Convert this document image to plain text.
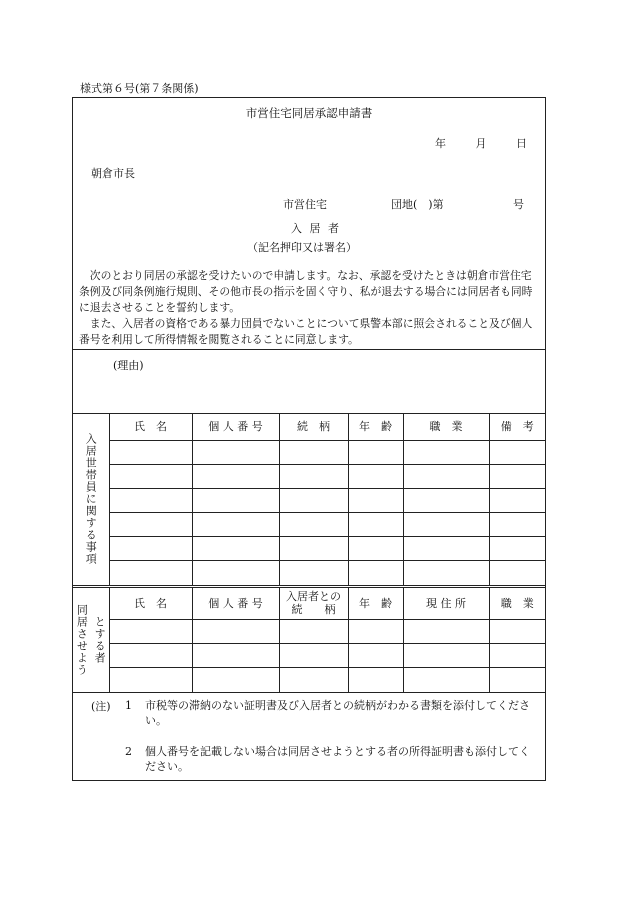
様式第６号(第７条関係)
市営住宅同居承認申請書
年	月	日
朝倉市長
市営住宅	団地(　)第	号
入 居 者
（記名押印又は署名）

次のとおり同居の承認を受けたいので申請します。なお、承認を受けたときは朝倉市営住宅条例及び同条例施行規則、その他市長の指示を固く守り、私が退去する場合には同居者も同時に退去させることを誓約します。

また、入居者の資格である暴力団員でないことについて県警本部に照会されること及び個人番号を利用して所得情報を閲覧されることに同意します。

(理由)
入居世帯員に関する事項	氏　名	個 人 番 号	続　柄	年　齢	職　業	備　考

同居させよう とする者	氏　名	個 人 番 号	入居者との続　　柄	年　齢	現 住 所	職　業

(注) 1 市税等の滞納のない証明書及び入居者との続柄がわかる書類を添付してください。
2 個人番号を記載しない場合は同居させようとする者の所得証明書も添付してください。
